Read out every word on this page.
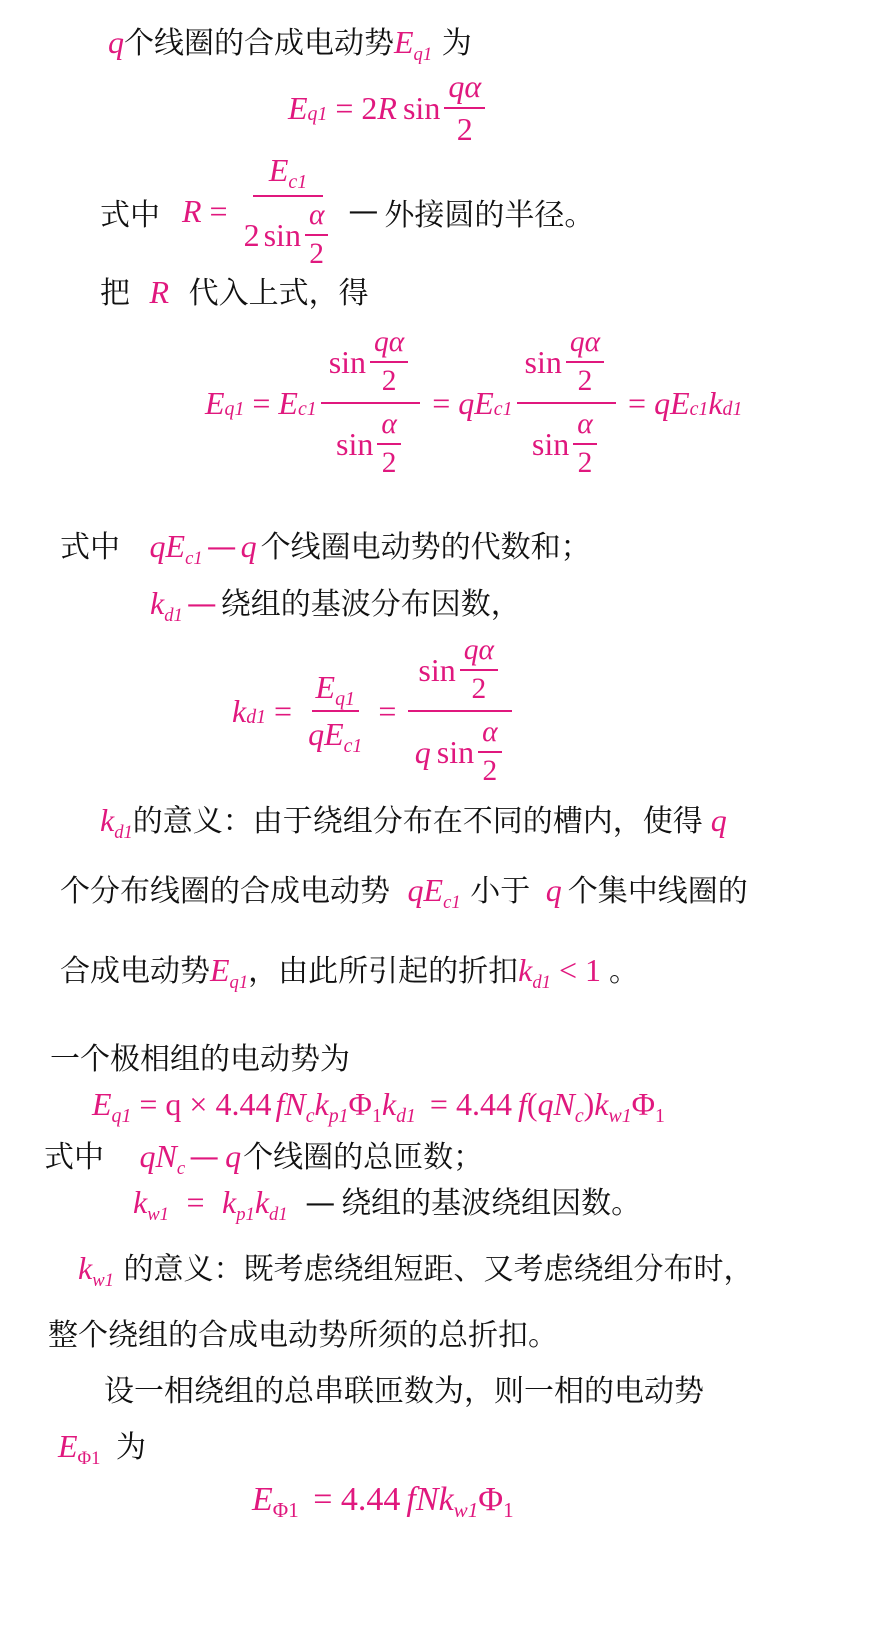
q个线圈的合成电动势$E_{q1}$ 为
E q1 = 2 R $\sin \frac{q\alpha}{2}$
式中 $R = \frac{E_{c1}}{2 \sin \frac{\alpha}{2}}$ — 外接圆的半径。
把 R 代入上式，得
E q1 = E $c1 \frac{\sin \frac{q\alpha}{2}}{\sin \frac{\alpha}{2}} = q$ E $c1 \frac{\sin \frac{q\alpha}{2}}{\sin \frac{\alpha}{2}} = q$ E c1 k d1
式中 $qE_{c1}$ — q 个线圈电动势的代数和；
$k_{d1}$ — 绕组的基波分布因数，
k $d1 = \frac{E_{q1}}{qE_{c1}} = \frac{\sin \frac{q\alpha}{2}}{q \sin \frac{\alpha}{2}}$
$k_{d1}$的意义：由于绕组分布在不同的槽内，使得 q
个分布线圈的合成电动势 $qE_{c1}$ 小于 q 个集中线圈的
合成电动势$E_{q1}$，由此所引起的折扣$k_{d1} < 1$ 。
一个极相组的电动势为
$E_{q1} = q \times 4.44$ $fN_ck_{p1}\Phi_1k_{d1} = 4.44$ $f(qN_c)k_{w1}\Phi_1$
式中 $qN_c$ — q个线圈的总匝数；
$k_{w1} = k_{p1}k_{d1}$ — 绕组的基波绕组因数。
$k_{w1}$ 的意义：既考虑绕组短距、又考虑绕组分布时，
整个绕组的合成电动势所须的总折扣。
设一相绕组的总串联匝数为，则一相的电动势
$E_{\Phi 1}$ 为
$E_{\Phi 1} = 4.44$ $fNk_{w1}\Phi_1$
